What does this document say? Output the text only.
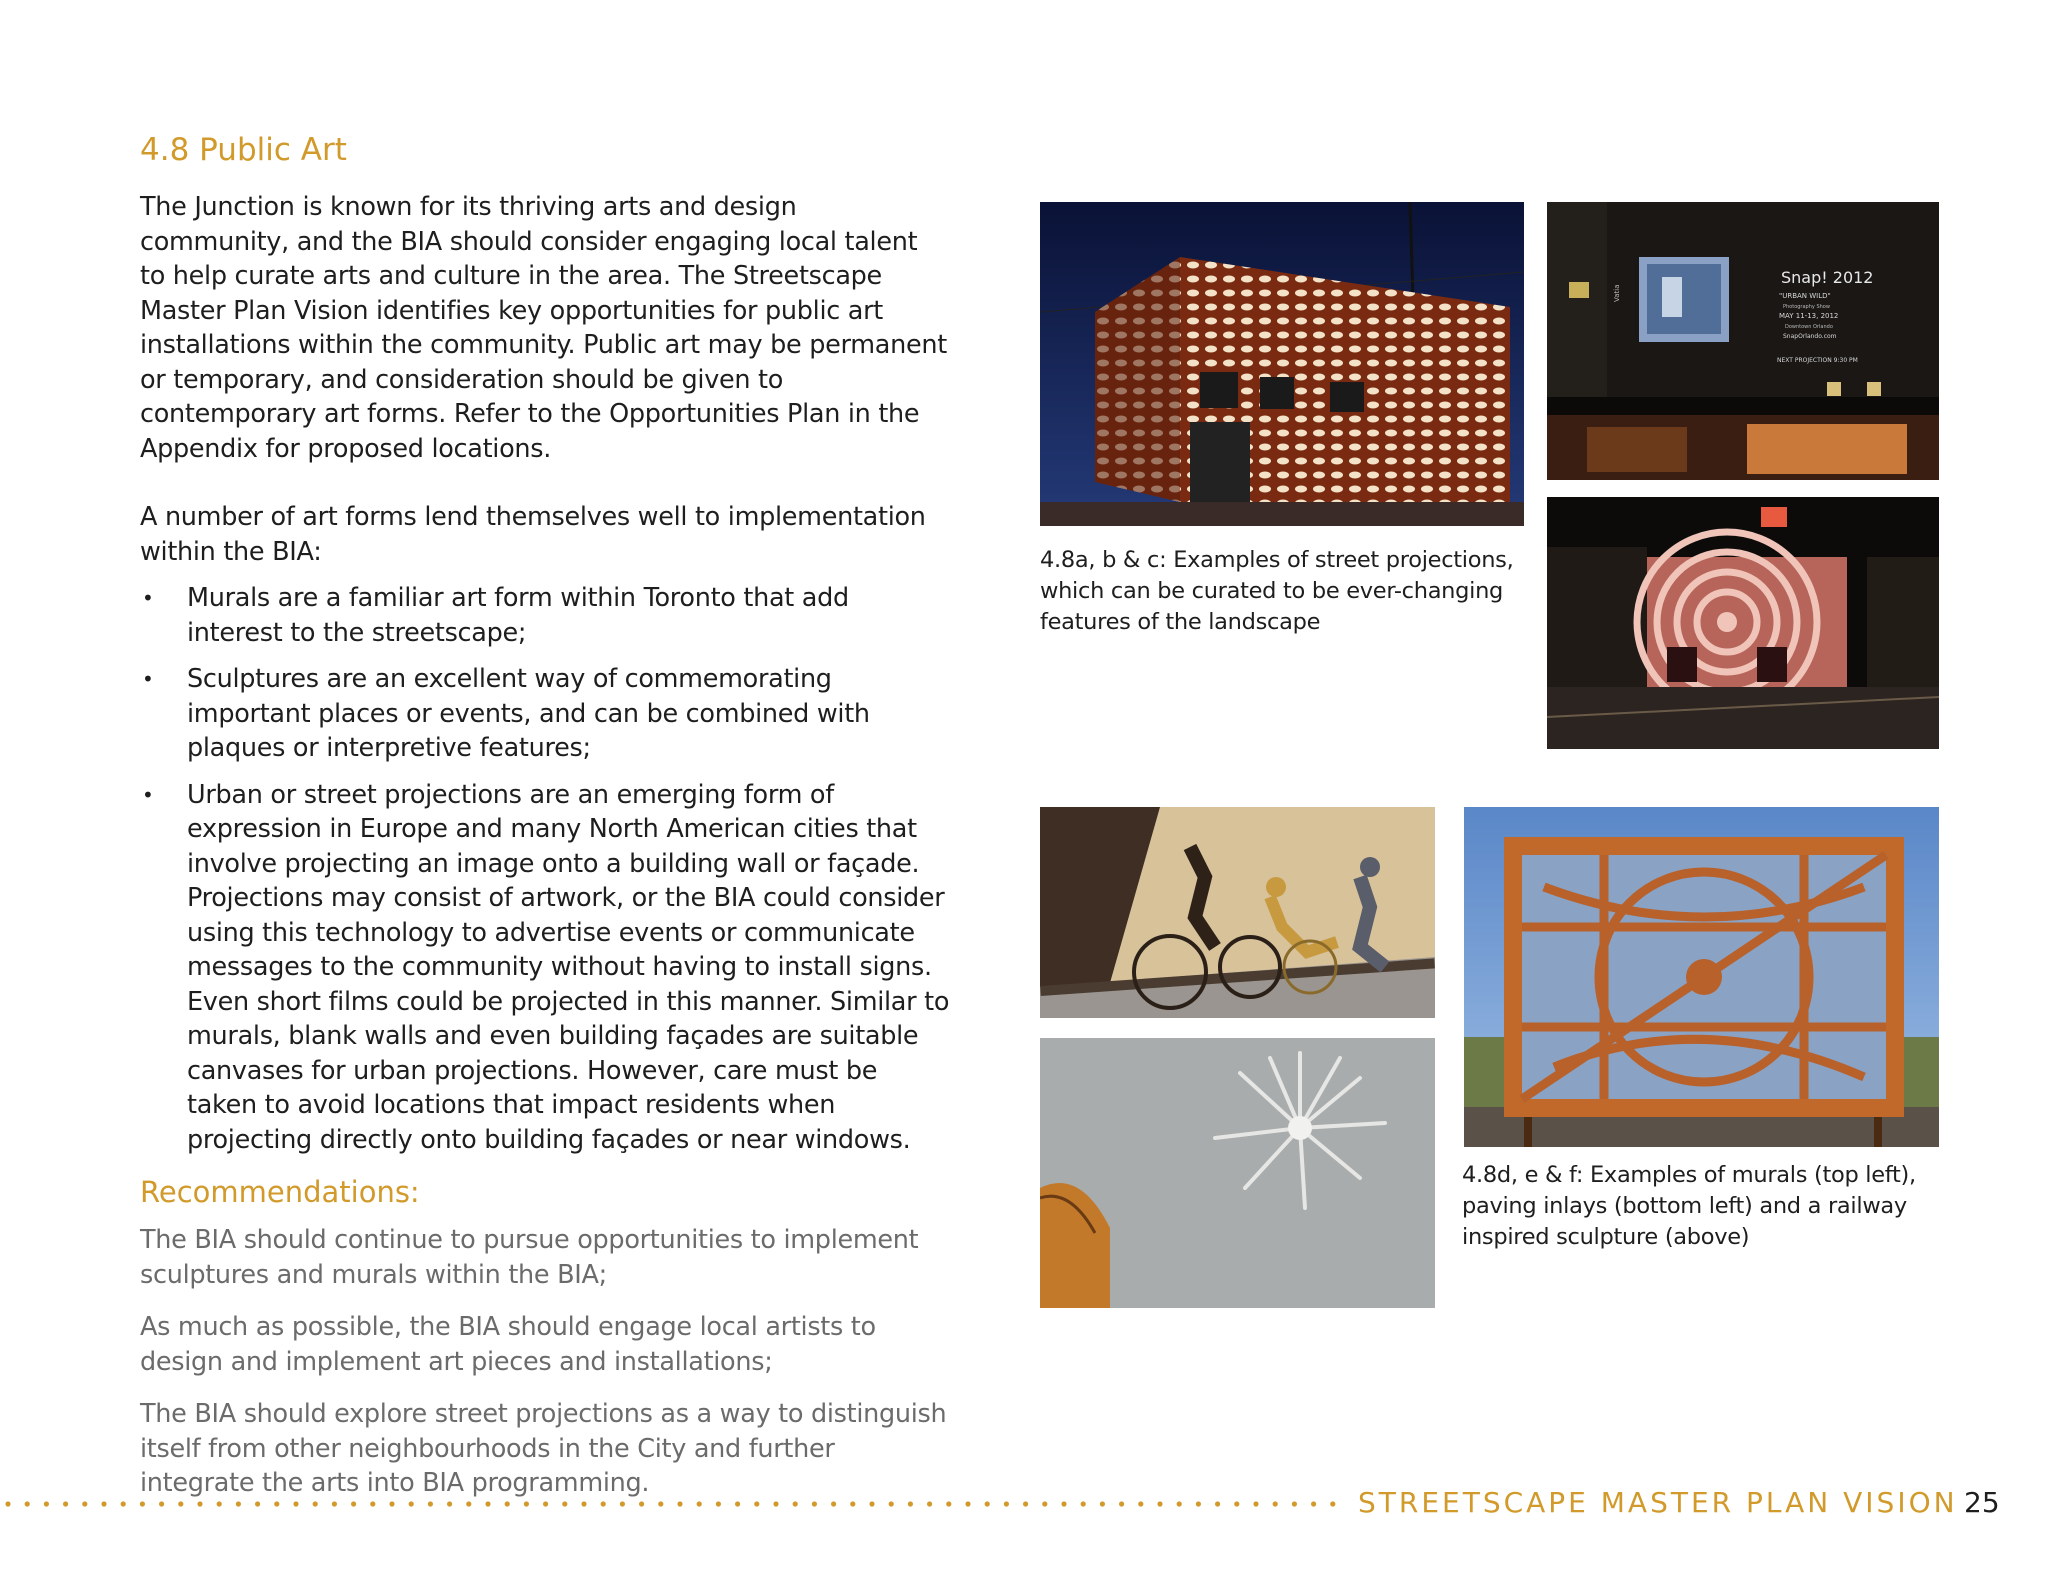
4.8 Public Art

The Junction is known for its thriving arts and design community, and the BIA should consider engaging local talent to help curate arts and culture in the area. The Streetscape Master Plan Vision identifies key opportunities for public art installations within the community. Public art may be permanent or temporary, and consideration should be given to contemporary art forms. Refer to the Opportunities Plan in the Appendix for proposed locations.

A number of art forms lend themselves well to implementation within the BIA:

• Murals are a familiar art form within Toronto that add interest to the streetscape;
• Sculptures are an excellent way of commemorating important places or events, and can be combined with plaques or interpretive features;
• Urban or street projections are an emerging form of expression in Europe and many North American cities that involve projecting an image onto a building wall or façade. Projections may consist of artwork, or the BIA could consider using this technology to advertise events or communicate messages to the community without having to install signs. Even short films could be projected in this manner. Similar to murals, blank walls and even building façades are suitable canvases for urban projections. However, care must be taken to avoid locations that impact residents when projecting directly onto building façades or near windows.
Recommendations:

The BIA should continue to pursue opportunities to implement sculptures and murals within the BIA;

As much as possible, the BIA should engage local artists to design and implement art pieces and installations;

The BIA should explore street projections as a way to distinguish itself from other neighbourhoods in the City and further integrate the arts into BIA programming.

Snap! 2012
"URBAN WILD"
Photography Show
MAY 11-13, 2012
Downtown Orlando
SnapOrlando.com
NEXT PROJECTION 9:30 PM
Vatia

4.8a, b & c: Examples of street projections, which can be curated to be ever-changing features of the landscape

4.8d, e & f: Examples of murals (top left), paving inlays (bottom left) and a railway inspired sculpture (above)

STREETSCAPE MASTER PLAN VISION 25
